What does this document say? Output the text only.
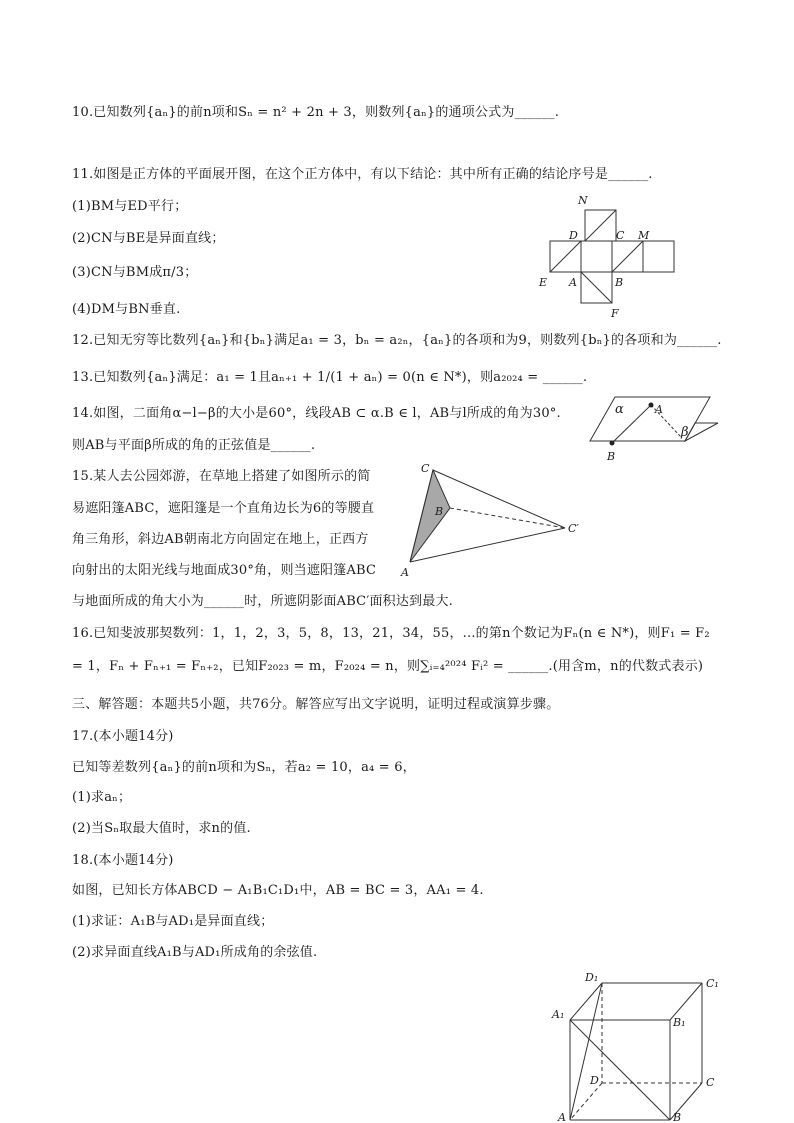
10.已知数列{aₙ}的前n项和Sₙ = n² + 2n + 3，则数列{aₙ}的通项公式为______.
11.如图是正方体的平面展开图，在这个正方体中，有以下结论：其中所有正确的结论序号是______.
(1)BM与ED平行；
(2)CN与BE是异面直线；
(3)CN与BM成π/3；
(4)DM与BN垂直.
N
D	C M
E A	B
F
12.已知无穷等比数列{aₙ}和{bₙ}满足a₁ = 3，bₙ = a₂ₙ，{aₙ}的各项和为9，则数列{bₙ}的各项和为______.
13.已知数列{aₙ}满足：a₁ = 1且aₙ₊₁ + 1/(1 + aₙ) = 0(n ∈ N*)，则a₂₀₂₄ = ______.
14.如图，二面角α−l−β的大小是60°，线段AB ⊂ α.B ∈ l，AB与l所成的角为30°.
则AB与平面β所成的角的正弦值是______.
α	A
β
B
15.某人去公园郊游，在草地上搭建了如图所示的简
易遮阳篷ABC，遮阳篷是一个直角边长为6的等腰直
角三角形，斜边AB朝南北方向固定在地上，正西方
向射出的太阳光线与地面成30°角，则当遮阳篷ABC
与地面所成的角大小为______时，所遮阴影面ABC′面积达到最大.
C
B
C′
A
16.已知斐波那契数列：1，1，2，3，5，8，13，21，34，55，...的第n个数记为Fₙ(n ∈ N*)，则F₁ = F₂
= 1，Fₙ + Fₙ₊₁ = Fₙ₊₂，已知F₂₀₂₃ = m，F₂₀₂₄ = n，则∑ᵢ₌₄²⁰²⁴ Fᵢ² = ______.(用含m，n的代数式表示)
三、解答题：本题共5小题，共76分。解答应写出文字说明，证明过程或演算步骤。
17.(本小题14分)
已知等差数列{aₙ}的前n项和为Sₙ，若a₂ = 10，a₄ = 6，
(1)求aₙ；
(2)当Sₙ取最大值时，求n的值.
18.(本小题14分)
如图，已知长方体ABCD − A₁B₁C₁D₁中，AB = BC = 3，AA₁ = 4.
(1)求证：A₁B与AD₁是异面直线；
(2)求异面直线A₁B与AD₁所成角的余弦值.
D₁	C₁
A₁
B₁
D	C
A	B
